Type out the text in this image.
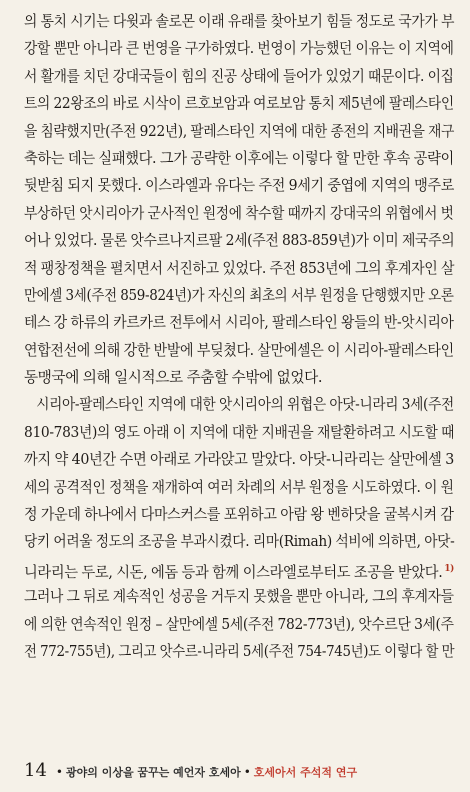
의 통치 시기는 다윗과 솔로몬 이래 유래를 찾아보기 힘들 정도로 국가가 부
강할 뿐만 아니라 큰 번영을 구가하였다. 번영이 가능했던 이유는 이 지역에
서 활개를 치던 강대국들이 힘의 진공 상태에 들어가 있었기 때문이다. 이집
트의 22왕조의 바로 시삭이 르호보암과 여로보암 통치 제5년에 팔레스타인
을 침략했지만(주전 922년), 팔레스타인 지역에 대한 종전의 지배권을 재구
축하는 데는 실패했다. 그가 공략한 이후에는 이렇다 할 만한 후속 공략이
뒷받침 되지 못했다. 이스라엘과 유다는 주전 9세기 중엽에 지역의 맹주로
부상하던 앗시리아가 군사적인 원정에 착수할 때까지 강대국의 위협에서 벗
어나 있었다. 물론 앗수르나지르팔 2세(주전 883-859년)가 이미 제국주의
적 팽창정책을 펼치면서 서진하고 있었다. 주전 853년에 그의 후계자인 살
만에셀 3세(주전 859-824년)가 자신의 최초의 서부 원정을 단행했지만 오론
테스 강 하류의 카르카르 전투에서 시리아, 팔레스타인 왕들의 반-앗시리아
연합전선에 의해 강한 반발에 부딪쳤다. 살만에셀은 이 시리아-팔레스타인
동맹국에 의해 일시적으로 주춤할 수밖에 없었다.
시리아-팔레스타인 지역에 대한 앗시리아의 위협은 아닷-니라리 3세(주전
810-783년)의 영도 아래 이 지역에 대한 지배권을 재탈환하려고 시도할 때
까지 약 40년간 수면 아래로 가라앉고 말았다. 아닷-니라리는 살만에셀 3
세의 공격적인 정책을 재개하여 여러 차례의 서부 원정을 시도하였다. 이 원
정 가운데 하나에서 다마스커스를 포위하고 아람 왕 벤하닷을 굴복시켜 감
당키 어려울 정도의 조공을 부과시켰다. 리마(Rimah) 석비에 의하면, 아닷-
니라리는 두로, 시돈, 에돔 등과 함께 이스라엘로부터도 조공을 받았다. $^{1)}$
그러나 그 뒤로 계속적인 성공을 거두지 못했을 뿐만 아니라, 그의 후계자들
에 의한 연속적인 원정 – 살만에셀 5세(주전 782-773년), 앗수르단 3세(주
전 772-755년), 그리고 앗수르-니라리 5세(주전 754-745년)도 이렇다 할 만
14 • 광야의 이상을 꿈꾸는 예언자 호세아 • 호세아서 주석적 연구
